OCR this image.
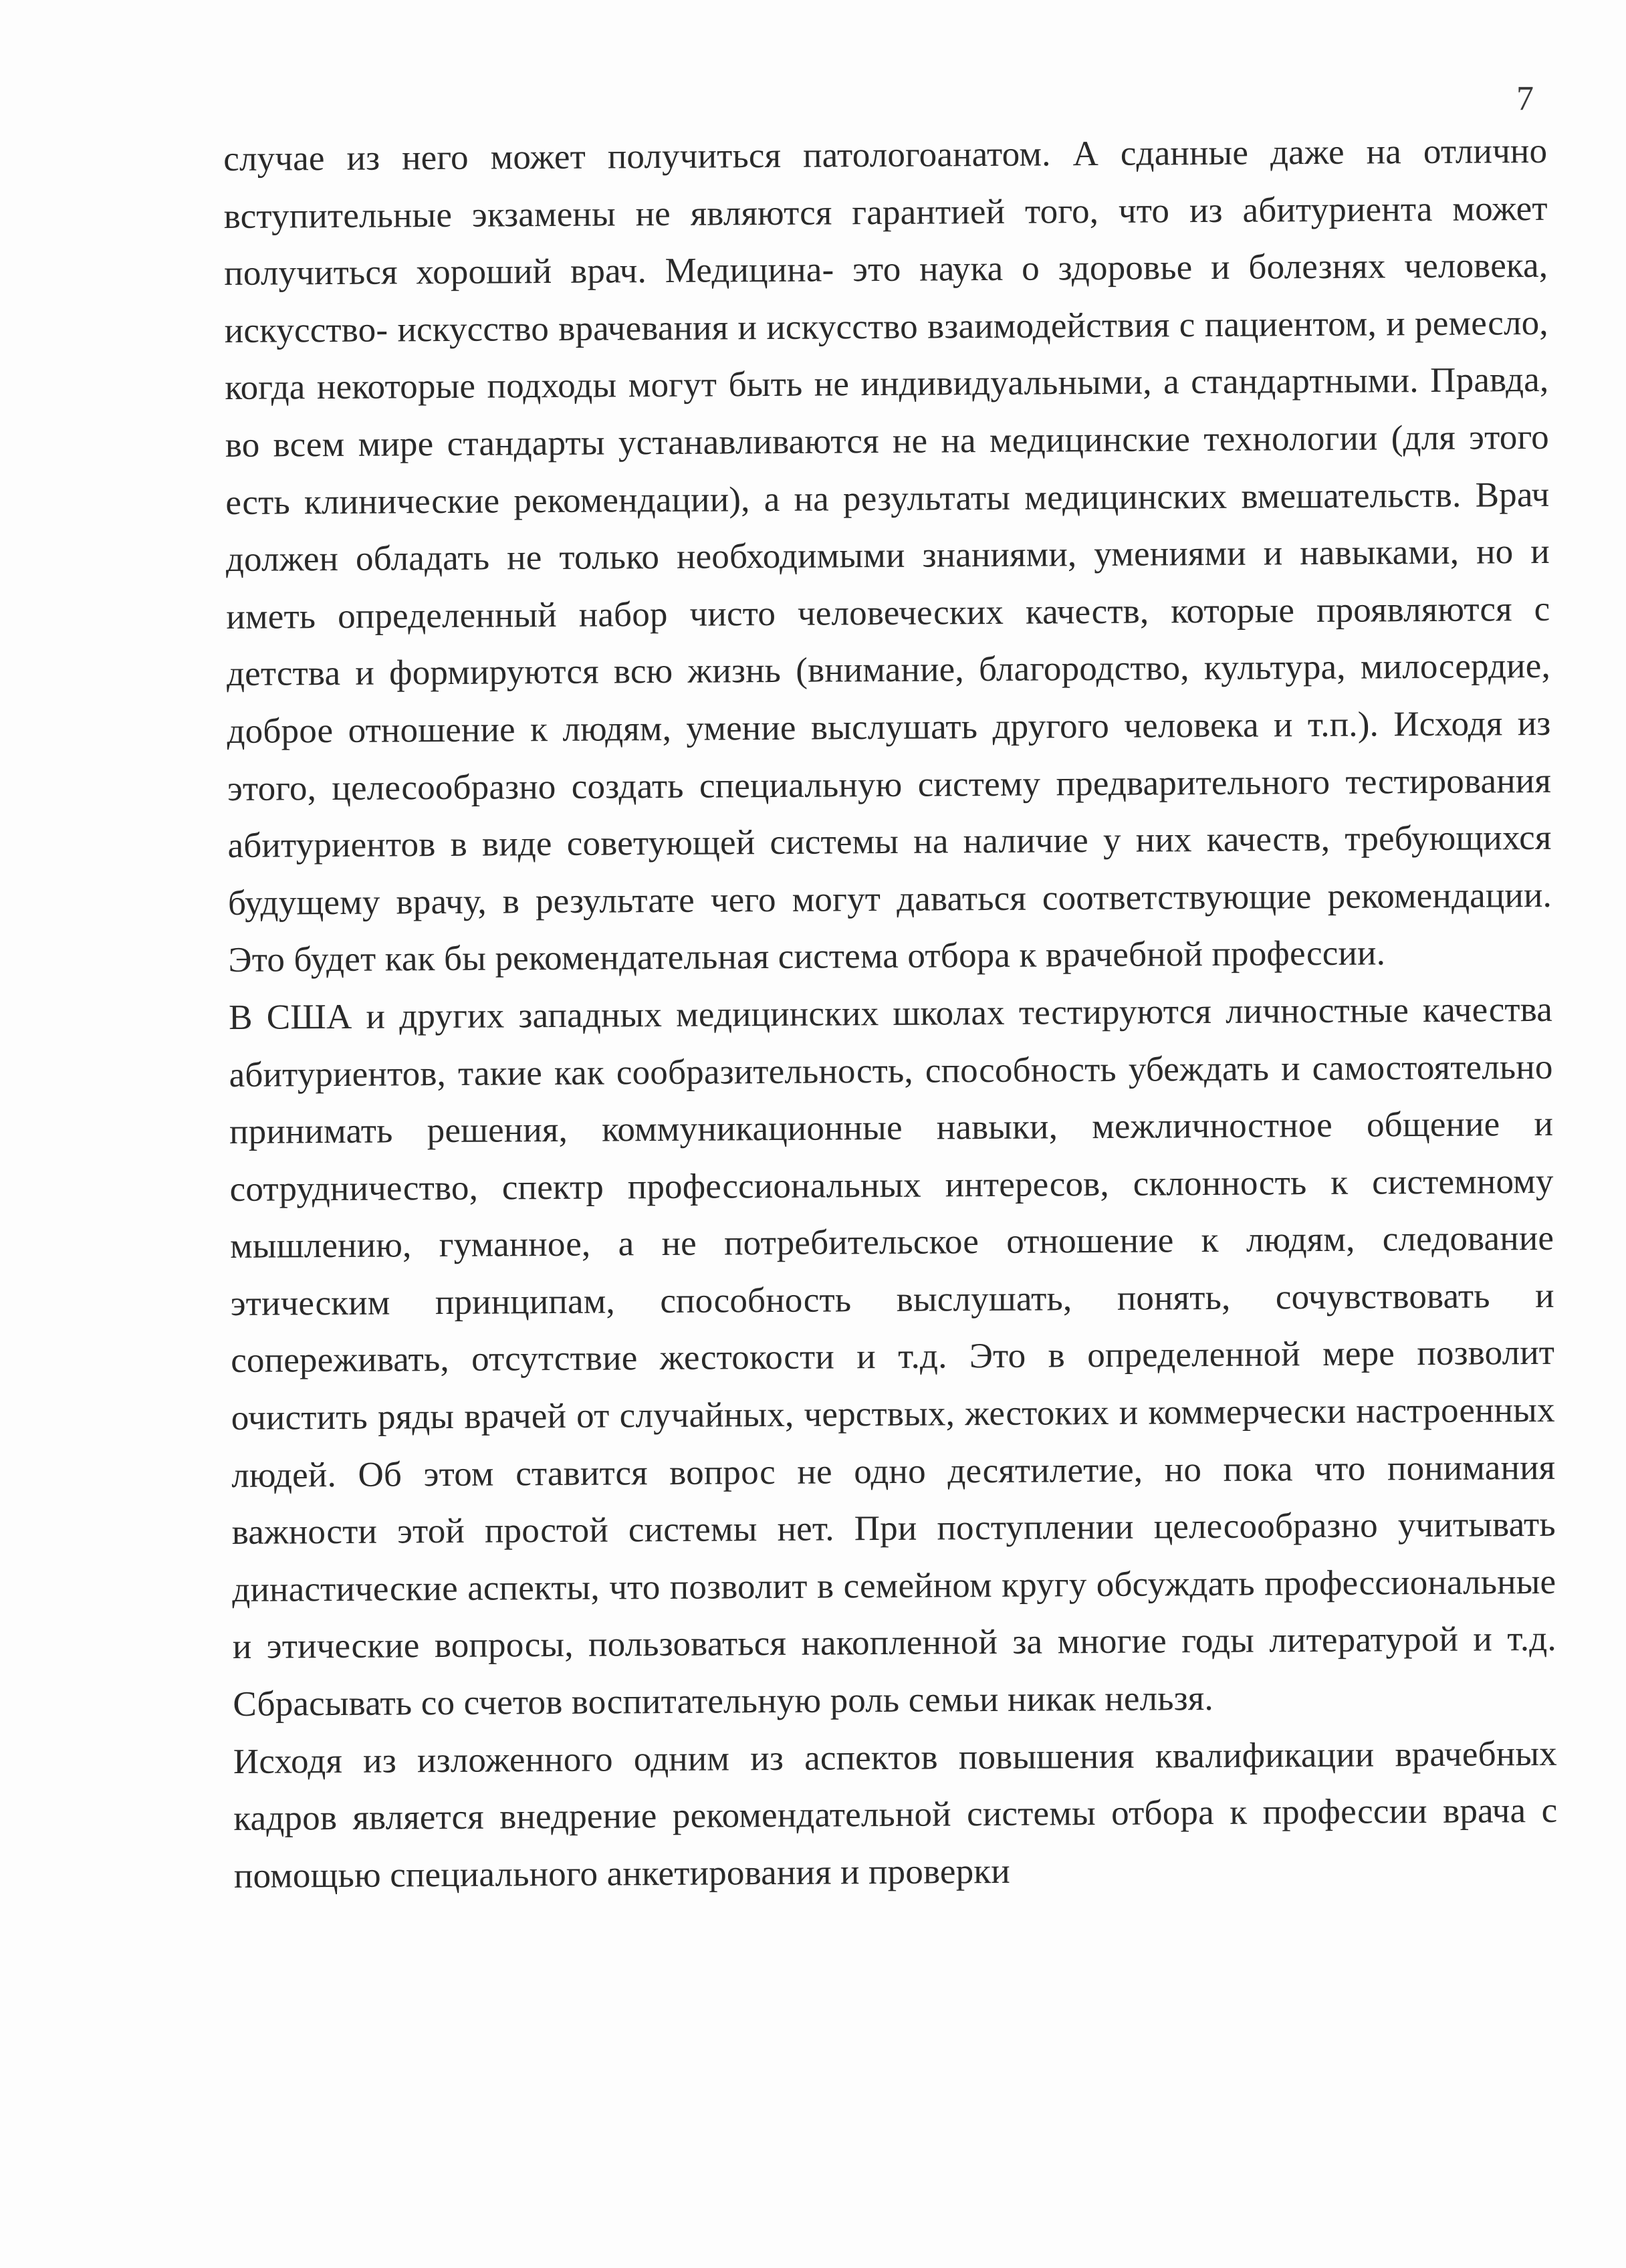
7

случае из него может получиться патологоанатом. А сданные даже на отлично вступительные экзамены не являются гарантией того, что из абитуриента может получиться хороший врач. Медицина- это наука о здоровье и болезнях человека, искусство- искусство врачевания и искусство взаимодействия с пациентом, и ремесло, когда некоторые подходы могут быть не индивидуальными, а стандартными. Правда, во всем мире стандарты устанавливаются не на медицинские технологии (для этого есть клинические рекомендации), а на результаты медицинских вмешательств. Врач должен обладать не только необходимыми знаниями, умениями и навыками, но и иметь определенный набор чисто человеческих качеств, которые проявляются с детства и формируются всю жизнь (внимание, благородство, культура, милосердие, доброе отношение к людям, умение выслушать другого человека и т.п.). Исходя из этого, целесообразно создать специальную систему предварительного тестирования абитуриентов в виде советующей системы на наличие у них качеств, требующихся будущему врачу, в результате чего могут даваться соответствующие рекомендации. Это будет как бы рекомендательная система отбора к врачебной профессии.

В США и других западных медицинских школах тестируются личностные качества абитуриентов, такие как сообразительность, способность убеждать и самостоятельно принимать решения, коммуникационные навыки, межличностное общение и сотрудничество, спектр профессиональных интересов, склонность к системному мышлению, гуманное, а не потребительское отношение к людям, следование этическим принципам, способность выслушать, понять, сочувствовать и сопереживать, отсутствие жестокости и т.д. Это в определенной мере позволит очистить ряды врачей от случайных, черствых, жестоких и коммерчески настроенных людей. Об этом ставится вопрос не одно десятилетие, но пока что понимания важности этой простой системы нет. При поступлении целесообразно учитывать династические аспекты, что позволит в семейном кругу обсуждать профессиональные и этические вопросы, пользоваться накопленной за многие годы литературой и т.д. Сбрасывать со счетов воспитательную роль семьи никак нельзя.

Исходя из изложенного одним из аспектов повышения квалификации врачебных кадров является внедрение рекомендательной системы отбора к профессии врача с помощью специального анкетирования и проверки
